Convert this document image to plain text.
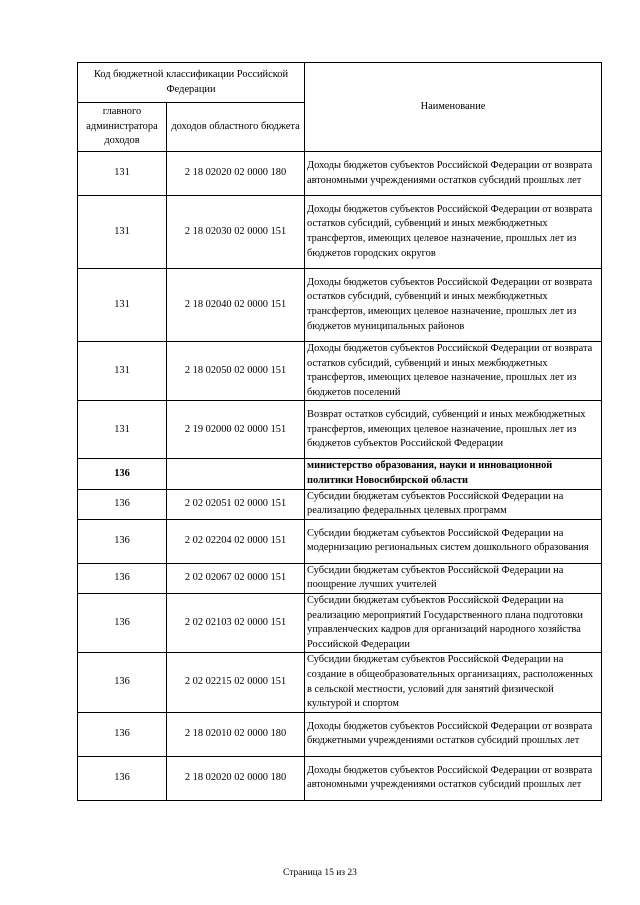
Код бюджетной классификации Российской Федерации		Наименование
главного администратора доходов	доходов областного бюджета	
131	2 18 02020 02 0000 180	Доходы бюджетов субъектов Российской Федерации от возврата автономными учреждениями остатков субсидий прошлых лет
131	2 18 02030 02 0000 151	Доходы бюджетов субъектов Российской Федерации от возврата остатков субсидий, субвенций и иных межбюджетных трансфертов, имеющих целевое назначение, прошлых лет из бюджетов городских округов
131	2 18 02040 02 0000 151	Доходы бюджетов субъектов Российской Федерации от возврата остатков субсидий, субвенций и иных межбюджетных трансфертов, имеющих целевое назначение, прошлых лет из бюджетов муниципальных районов
131	2 18 02050 02 0000 151	Доходы бюджетов субъектов Российской Федерации от возврата остатков субсидий, субвенций и иных межбюджетных трансфертов, имеющих целевое назначение, прошлых лет из бюджетов поселений
131	2 19 02000 02 0000 151	Возврат остатков субсидий, субвенций и иных межбюджетных трансфертов, имеющих целевое назначение, прошлых лет из бюджетов субъектов Российской Федерации
136		министерство образования, науки и инновационной политики Новосибирской области
136	2 02 02051 02 0000 151	Субсидии бюджетам субъектов Российской Федерации на реализацию федеральных целевых программ
136	2 02 02204 02 0000 151	Субсидии бюджетам субъектов Российской Федерации на модернизацию региональных систем дошкольного образования
136	2 02 02067 02 0000 151	Субсидии бюджетам субъектов Российской Федерации на поощрение лучших учителей
136	2 02 02103 02 0000 151	Субсидии бюджетам субъектов Российской Федерации на реализацию мероприятий Государственного плана подготовки управленческих кадров для организаций народного хозяйства Российской Федерации
136	2 02 02215 02 0000 151	Субсидии бюджетам субъектов Российской Федерации на создание в общеобразовательных организациях, расположенных в сельской местности, условий для занятий физической культурой и спортом
136	2 18 02010 02 0000 180	Доходы бюджетов субъектов Российской Федерации от возврата бюджетными учреждениями остатков субсидий прошлых лет
136	2 18 02020 02 0000 180	Доходы бюджетов субъектов Российской Федерации от возврата автономными учреждениями остатков субсидий прошлых лет
Страница 15 из 23
